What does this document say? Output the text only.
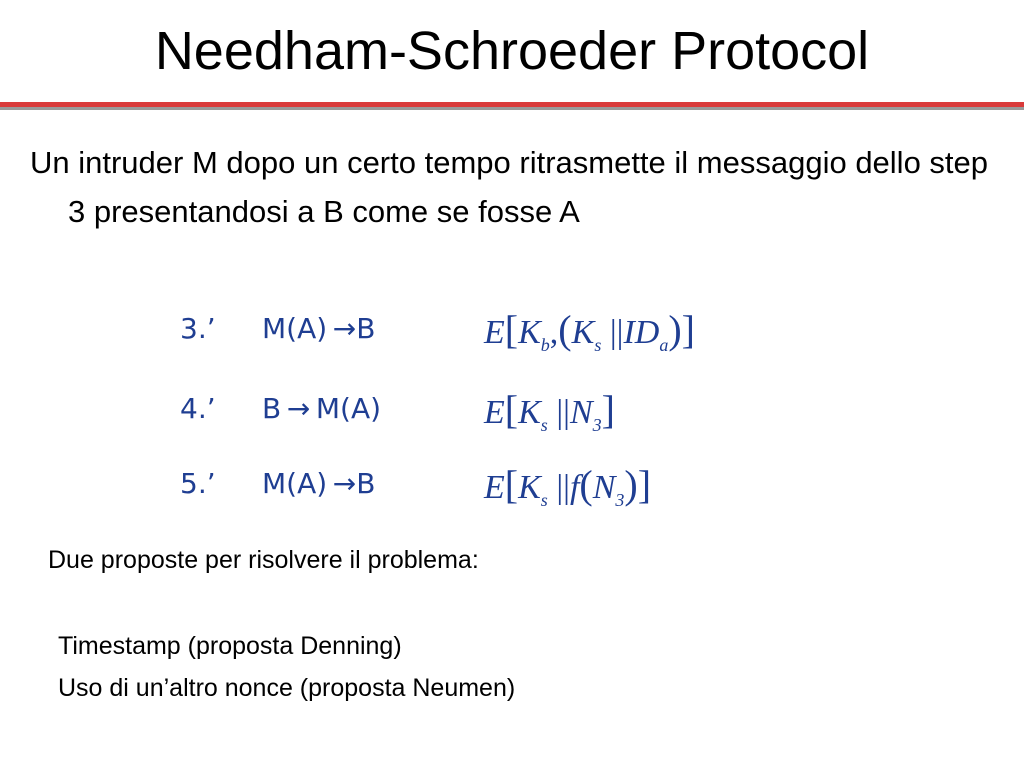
Needham-Schroeder Protocol
Un intruder M dopo un certo tempo ritrasmette il messaggio dello step 3 presentandosi a B come se fosse A
3.’ M(A)  →B	$E[K_b,(K_s$ $||ID_a$)]
4.’ B  →  M(A)	$E[K_s$ $||N_3$]
5.’ M(A)  →B	$E[K_s$ $||f(N_3)$]
Due proposte per risolvere il problema:
Timestamp (proposta Denning)
Uso di un’altro nonce (proposta Neumen)
